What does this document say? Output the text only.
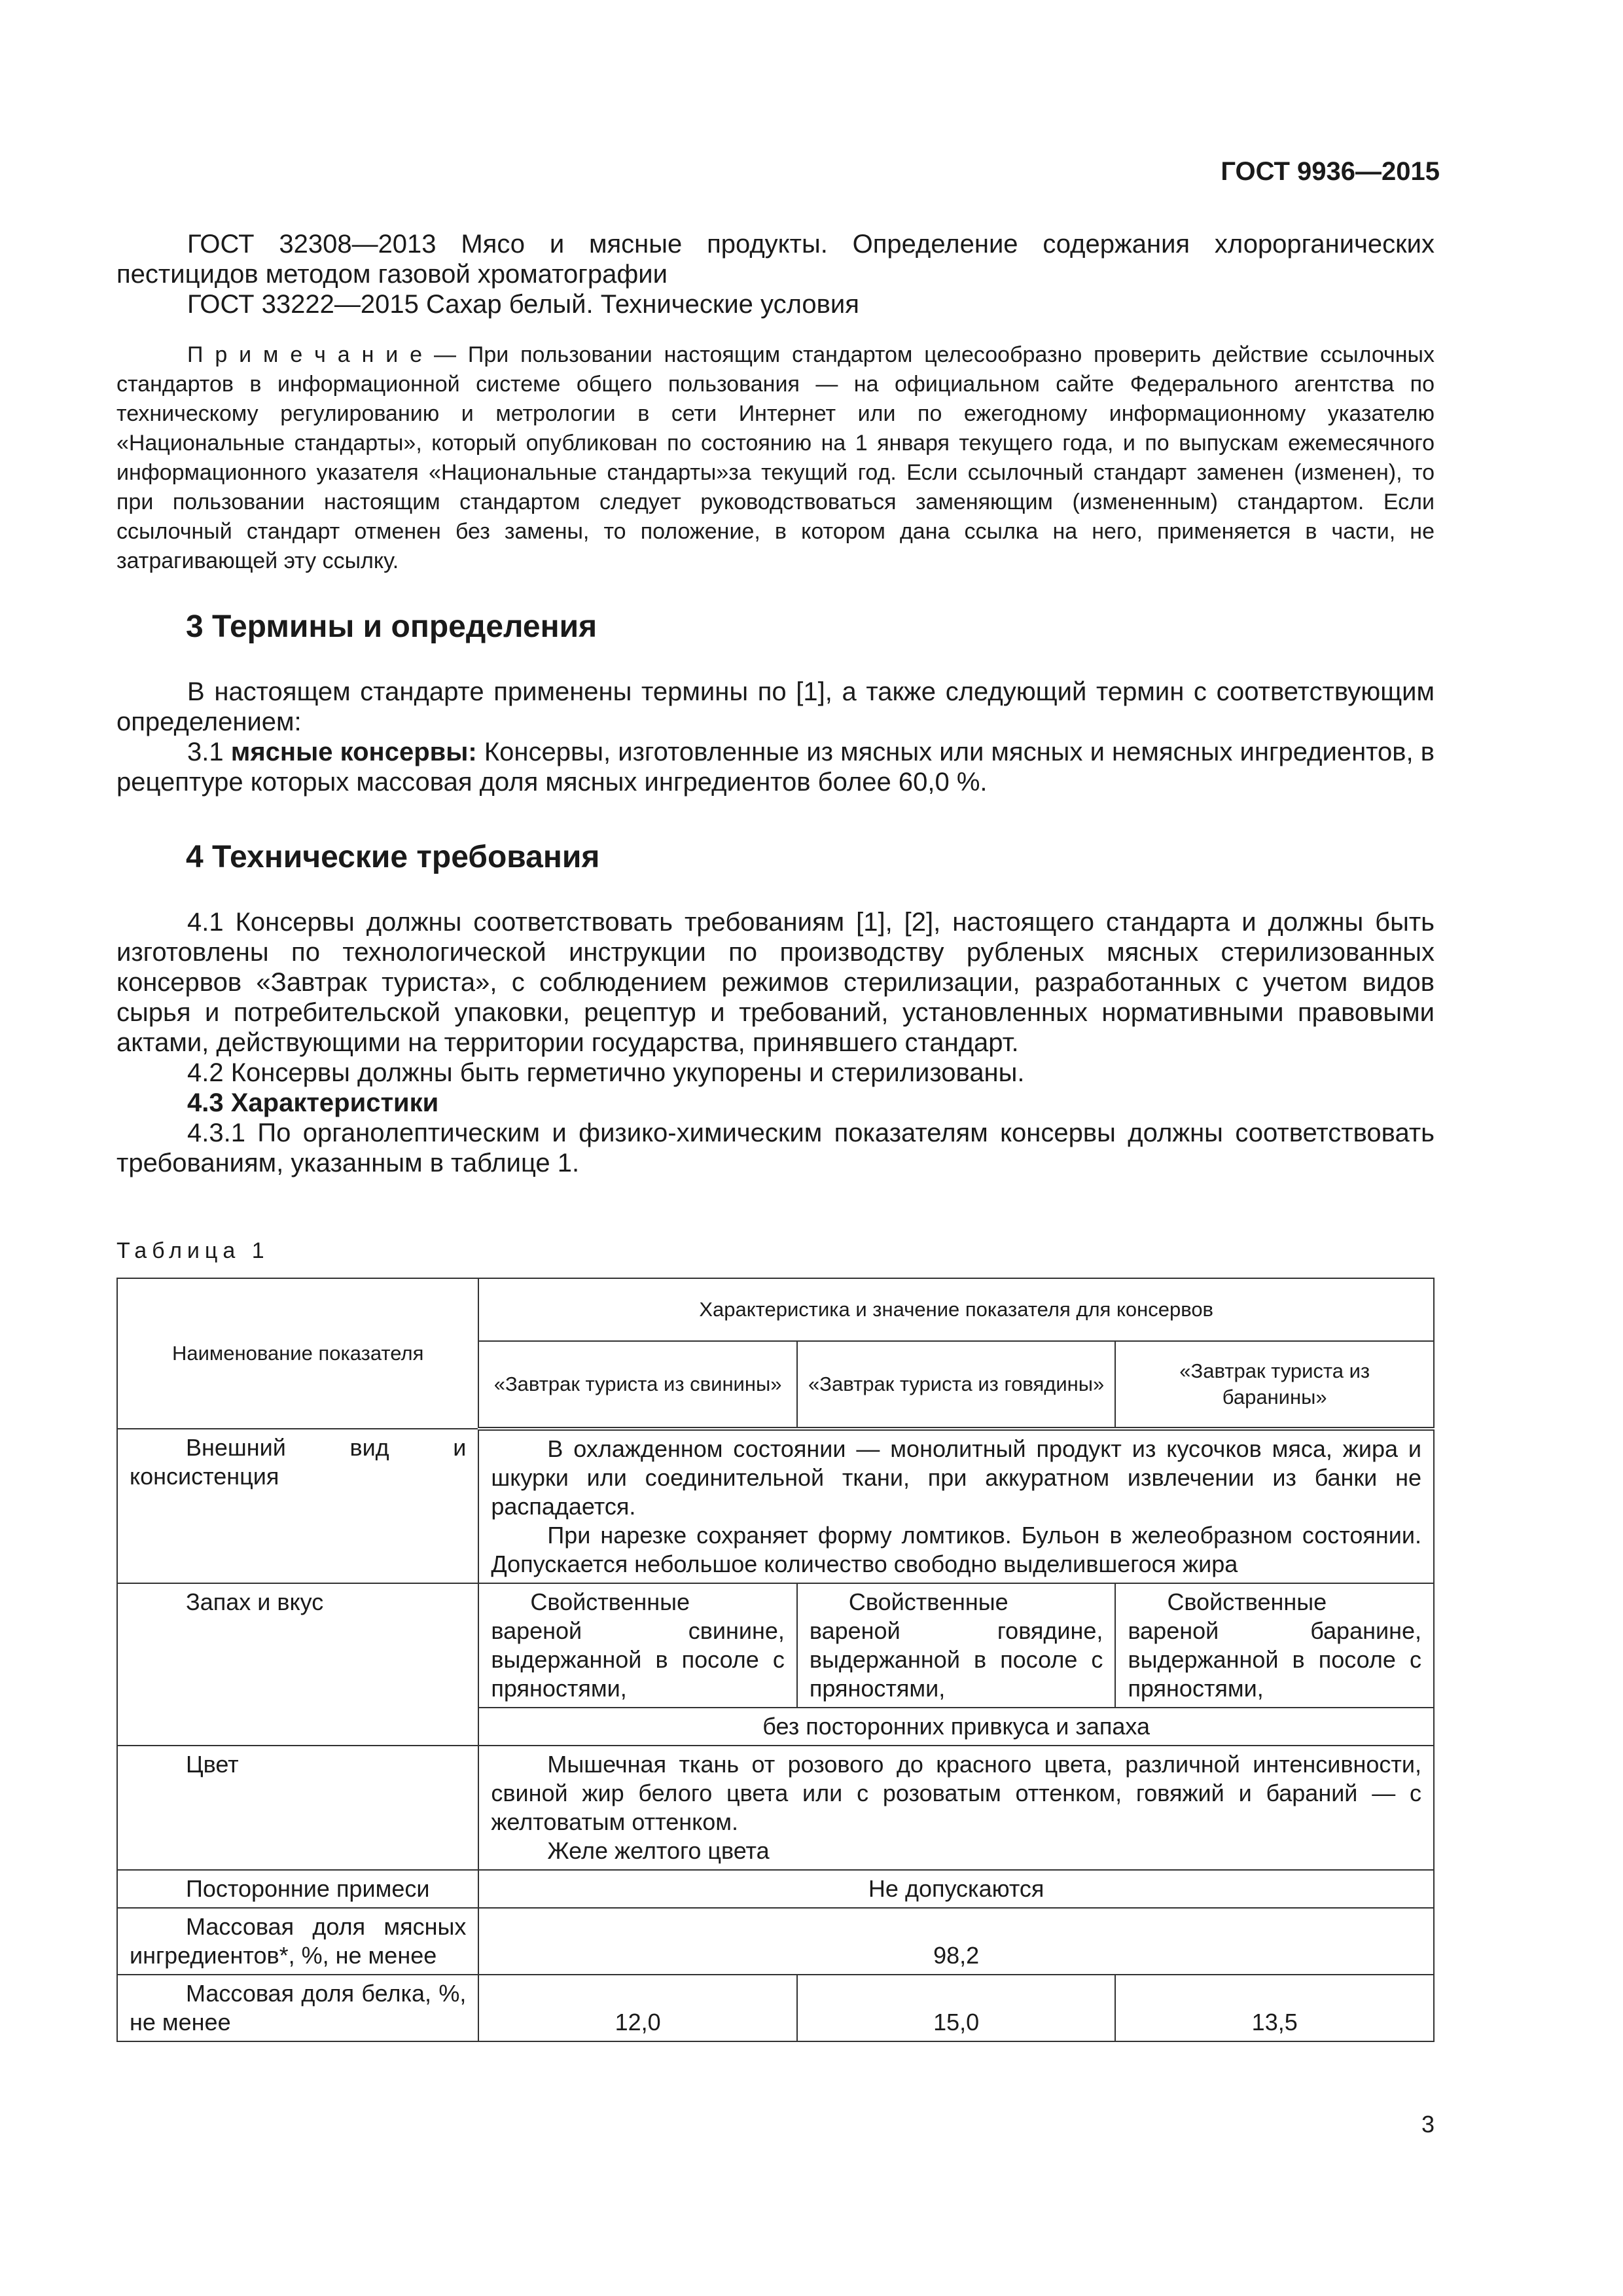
ГОСТ 9936—2015

ГОСТ 32308—2013 Мясо и мясные продукты. Определение содержания хлорорганических пестицидов методом газовой хроматографии

ГОСТ 33222—2015 Сахар белый. Технические условия

П р и м е ч а н и е — При пользовании настоящим стандартом целесообразно проверить действие ссылочных стандартов в информационной системе общего пользования — на официальном сайте Федерального агентства по техническому регулированию и метрологии в сети Интернет или по ежегодному информационному указателю «Национальные стандарты», который опубликован по состоянию на 1 января текущего года, и по выпускам ежемесячного информационного указателя «Национальные стандарты»за текущий год. Если ссылочный стандарт заменен (изменен), то при пользовании настоящим стандартом следует руководствоваться заменяющим (измененным) стандартом. Если ссылочный стандарт отменен без замены, то положение, в котором дана ссылка на него, применяется в части, не затрагивающей эту ссылку.

3 Термины и определения

В настоящем стандарте применены термины по [1], а также следующий термин с соответствующим определением:

3.1 мясные консервы: Консервы, изготовленные из мясных или мясных и немясных ингредиентов, в рецептуре которых массовая доля мясных ингредиентов более 60,0 %.

4 Технические требования

4.1 Консервы должны соответствовать требованиям [1], [2], настоящего стандарта и должны быть изготовлены по технологической инструкции по производству рубленых мясных стерилизованных консервов «Завтрак туриста», с соблюдением режимов стерилизации, разработанных с учетом видов сырья и потребительской упаковки, рецептур и требований, установленных нормативными правовыми актами, действующими на территории государства, принявшего стандарт.

4.2 Консервы должны быть герметично укупорены и стерилизованы.

4.3 Характеристики

4.3.1 По органолептическим и физико-химическим показателям консервы должны соответствовать требованиям, указанным в таблице 1.

Таблица 1
Наименование показателя	Характеристика и значение показателя для консервов		
	«Завтрак туриста из свинины»	«Завтрак туриста из говядины»	«Завтрак туриста из баранины»

Внешний вид и консистенция	В охлажденном состоянии — монолитный продукт из кусочков мяса, жира и шкурки или соединительной ткани, при аккуратном извлечении из банки не распадается.
При нарезке сохраняет форму ломтиков. Бульон в желеобразном состоянии. Допускается небольшое количество свободно выделившегося жира		

Запах и вкус	Свойственные вареной свинине, выдержанной в посоле с пряностями,	Свойственные вареной говядине, выдержанной в посоле с пряностями,	Свойственные вареной баранине, выдержанной в посоле с пряностями,
	без посторонних привкуса и запаха		

Цвет	Мышечная ткань от розового до красного цвета, различной интенсивности, свиной жир белого цвета или с розоватым оттенком, говяжий и бараний — с желтоватым оттенком.
Желе желтого цвета		

Посторонние примеси	Не допускаются		

Массовая доля мясных ингредиентов*, %, не менее	98,2		

Массовая доля белка, %, не менее	12,0	15,0	13,5
3
